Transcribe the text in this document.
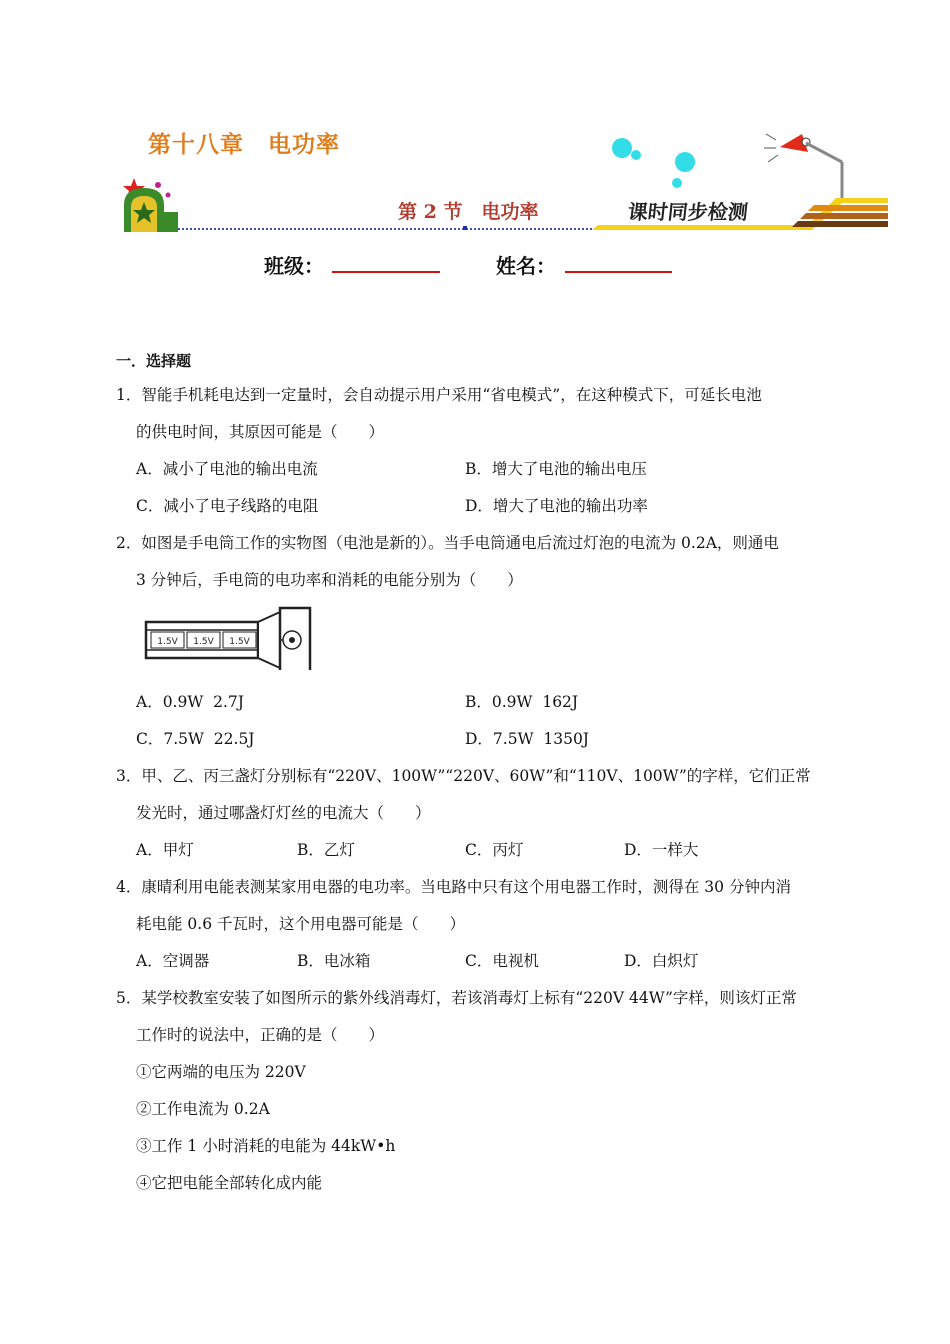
第十八章　电功率
第 2 节　电功率	课时同步检测
班级：	姓名：
一．选择题
1．智能手机耗电达到一定量时，会自动提示用户采用“省电模式”，在这种模式下，可延长电池
的供电时间，其原因可能是（　　）
A．减小了电池的输出电流	B．增大了电池的输出电压
C．减小了电子线路的电阻	D．增大了电池的输出功率
2．如图是手电筒工作的实物图（电池是新的）。当手电筒通电后流过灯泡的电流为 0.2A，则通电
3 分钟后，手电筒的电功率和消耗的电能分别为（　　）
1.5V 1.5V 1.5V
A．0.9W  2.7J	B．0.9W  162J
C．7.5W  22.5J	D．7.5W  1350J
3．甲、乙、丙三盏灯分别标有“220V、100W”“220V、60W”和“110V、100W”的字样，它们正常
发光时，通过哪盏灯灯丝的电流大（　　）
A．甲灯	B．乙灯	C．丙灯	D．一样大
4．康晴利用电能表测某家用电器的电功率。当电路中只有这个用电器工作时，测得在 30 分钟内消
耗电能 0.6 千瓦时，这个用电器可能是（　　）
A．空调器	B．电冰箱	C．电视机	D．白炽灯
5．某学校教室安装了如图所示的紫外线消毒灯，若该消毒灯上标有“220V 44W”字样，则该灯正常
工作时的说法中，正确的是（　　）
①它两端的电压为 220V
②工作电流为 0.2A
③工作 1 小时消耗的电能为 44kW•h
④它把电能全部转化成内能
